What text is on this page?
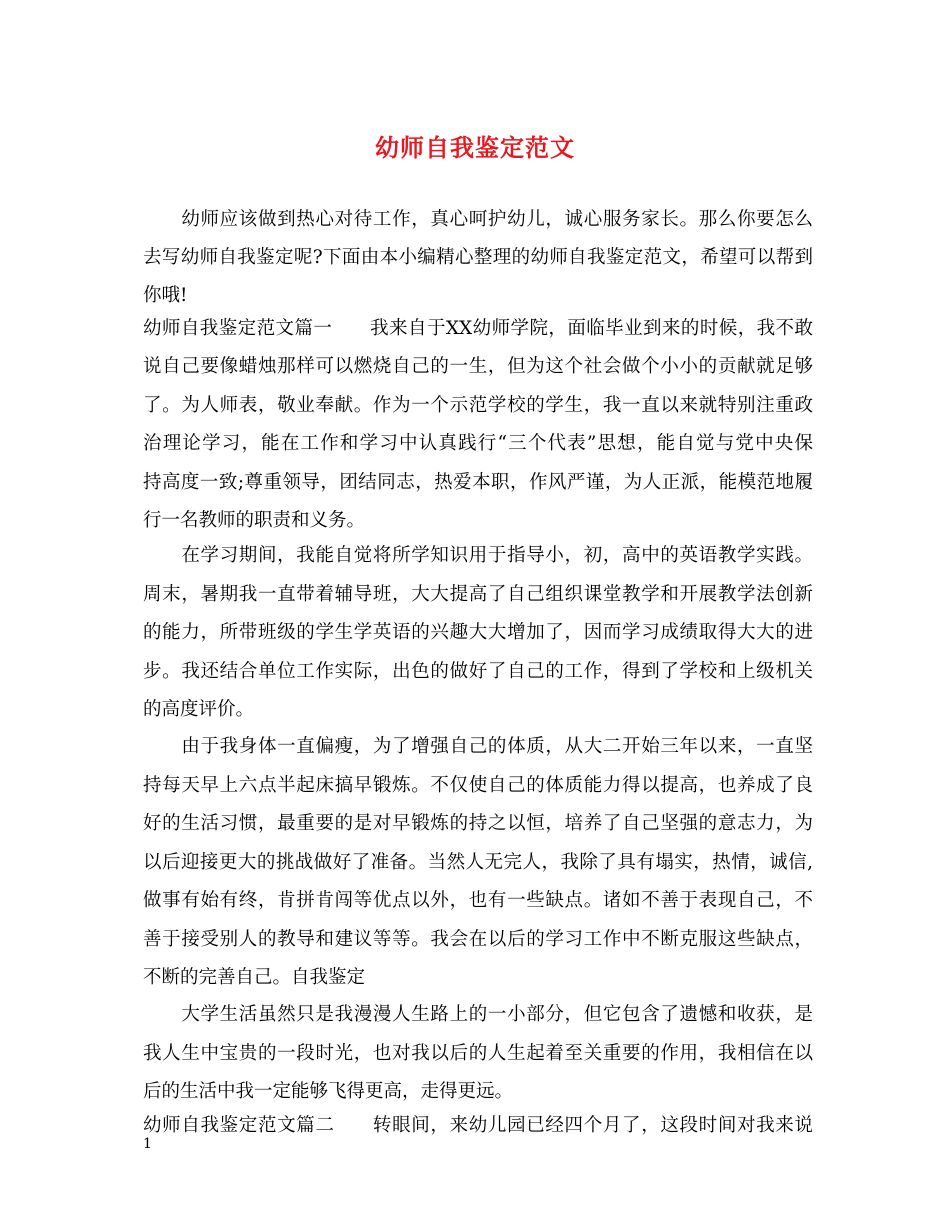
幼师自我鉴定范文
　　幼师应该做到热心对待工作，真心呵护幼儿，诚心服务家长。那么你要怎么
去写幼师自我鉴定呢?下面由本小编精心整理的幼师自我鉴定范文，希望可以帮到
你哦!
幼师自我鉴定范文篇一　　我来自于XX幼师学院，面临毕业到来的时候，我不敢
说自己要像蜡烛那样可以燃烧自己的一生，但为这个社会做个小小的贡献就足够
了。为人师表，敬业奉献。作为一个示范学校的学生，我一直以来就特别注重政
治理论学习，能在工作和学习中认真践行“三个代表”思想，能自觉与党中央保
持高度一致;尊重领导，团结同志，热爱本职，作风严谨，为人正派，能模范地履
行一名教师的职责和义务。
　　在学习期间，我能自觉将所学知识用于指导小，初，高中的英语教学实践。
周末，暑期我一直带着辅导班，大大提高了自己组织课堂教学和开展教学法创新
的能力，所带班级的学生学英语的兴趣大大增加了，因而学习成绩取得大大的进
步。我还结合单位工作实际，出色的做好了自己的工作，得到了学校和上级机关
的高度评价。
　　由于我身体一直偏瘦，为了增强自己的体质，从大二开始三年以来，一直坚
持每天早上六点半起床搞早锻炼。不仅使自己的体质能力得以提高，也养成了良
好的生活习惯，最重要的是对早锻炼的持之以恒，培养了自己坚强的意志力，为
以后迎接更大的挑战做好了准备。当然人无完人，我除了具有塌实，热情，诚信,
做事有始有终，肯拼肯闯等优点以外，也有一些缺点。诸如不善于表现自己，不
善于接受别人的教导和建议等等。我会在以后的学习工作中不断克服这些缺点，
不断的完善自己。自我鉴定
　　大学生活虽然只是我漫漫人生路上的一小部分，但它包含了遗憾和收获，是
我人生中宝贵的一段时光，也对我以后的人生起着至关重要的作用，我相信在以
后的生活中我一定能够飞得更高，走得更远。
幼师自我鉴定范文篇二　　转眼间，来幼儿园已经四个月了，这段时间对我来说
1
